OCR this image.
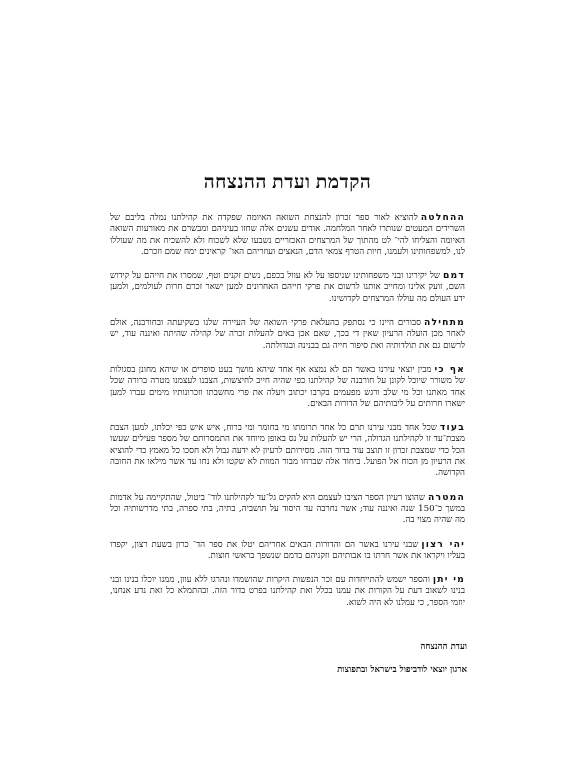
הקדמת ועדת ההנצחה

ההחלטהלהוציא לאור ספר זכרון להנצחת השואה האיומה שפקדה את קהילתנו נמלה בליבם של השרידים המעטים שנותרו לאחר המלחמה. אודים עשנים אלה שחזו בעיניהם ומבשרם את מאורעות השואה האיומה והצליחו להי־ לט מהתוך של המרצחים האכזריים נשבעו שלא לשכוח ולא להשכיח את מה שעוללו לנו, למשפחותינו ולעמנו, חיות הטרף צמאי הדם, הנאצים ועוזריהם האו־ קראינים ימח שמם וזכרם.

דמםשל יקירינו ובני משפחותינו שניספו על לא עוול בכפם, נשים זקנים וטף, שמסרו את חייהם על קידוש השם, זועק אלינו ומחייב אותנו לרשום את פרקי חייהם האחרונים למען ישאר זכרם חרות לעולמים, ולמען ידע העולם מה עוללו המרצחים לקדושינו.

מתחילהסבורים היינו כי נסתפק בהעלאת פרקי השואה של העיירה שלנו בשקיעתה ובחורבנה, אולם לאחר מכן הועלה הרעיון שאין די בכך, שאם אכן באים להעלות זכרה של קהילה שהיתה ואיננה עוד, יש לרשום גם את תולדותיה ואת סיפור חייה גם בבנינה ובגדולתה.

אף כימבין יוצאי עירנו באשר הם לא נמצא אף אחד שיהא מושך בעט סופרים או שיהא מחונן בסגולות של משורר שיוכל לקונן על חורבנה של קהילתנו כפי שהיה חייב לחיצשות, הצבנו לעצמנו מטרה ברורה שכל אחד מאתנו וכל מי שלב ורגש מפעמים בקרבו יכתוב ויעלה את פרי מחשבתו וזכרונותיו מימים עברו למען ישארו חרותים על ליבותיהם של הדורות הבאים.

בעודשכל אחד מבני עירנו תרם כל אחד תרומתו מי בחומר ומי ברוח, איש איש כפי יכלתו, למען הצבת מצבת־עד זו לקהילתנו הגדולה, הרי יש להעלות על נס באופן מיוחד את התמסרותם של מספר פעילים שעשו הכל כדי שמצבת זכרון זו תוצב עוד בדור הזה. מסירותם לרעיון לא ידעה גבול ולא חסכו כל מאמץ כדי להוציא את הרעיון מן הכוח אל הפועל. ביחוד אלה שברחו מבור המוות לא שקטו ולא נחו עד אשר מילאו את החובה הקדושה.

המטרהשהוצו רעיון הספר הציבו לעצמם היא להקים גל־עד לקהילתנו לוד־ ביטול, שהתקיימה על אדמות במשך כ־150 שנה ואיננה עוד; אשר נחרבה עד היסוד על תושביה, בתיה, בתי ספרה, בתי מדרשותיה וכל מה שהיה מצוי בה.

יהי רצוןשבני עירנו באשר הם והדורות הבאים אחריהם יטלו את ספר הד־ כרון בשעת רצון, יקפדו בעליו ויקראו את אשר חרתו בו אבותיהם וזקניהם בדמם שנשפך בראשי חוצות.

מי יתןוהספר ישמש להתייחדות עם זכר הנפשות היקרות שהושמדו ונהרגו ללא עוון, ממנו יוכלו בנינו ובני בנינו לשאוב דעת על הקורות את עמנו בכלל ואת קהילתנו בפרט בדור הזה. ובהתמלא כל זאת נדע אנחנו, יוזמי הספר, כי עמלנו לא היה לשוא.

ועדת ההנצחה
ארגון יוצאי לודביפול בישראל ובתפוצות
